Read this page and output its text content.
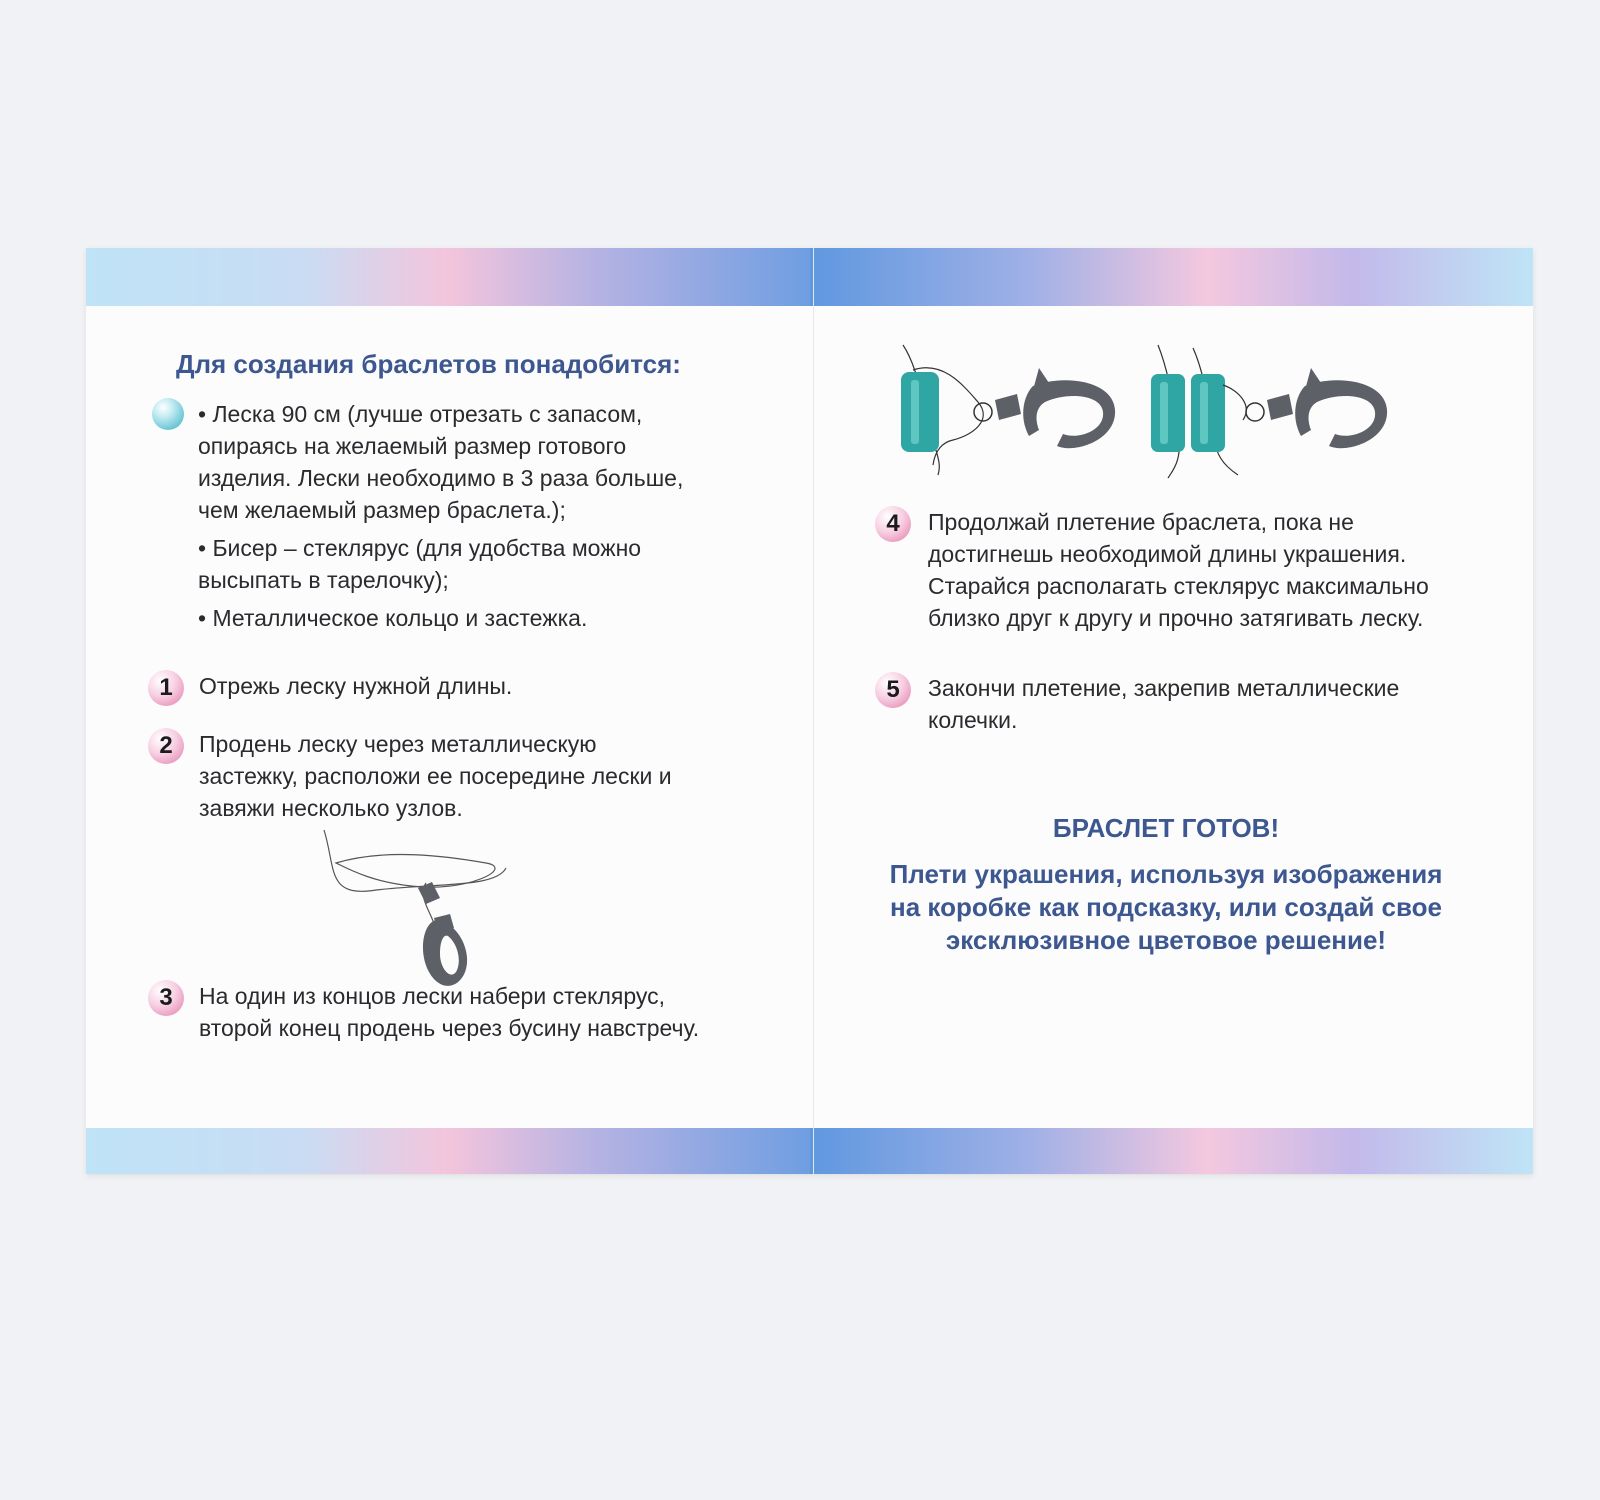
Для создания браслетов понадобится:

• Леска 90 см (лучше отрезать с запасом, опираясь на желаемый размер готового изделия. Лески необходимо в 3 раза больше, чем желаемый размер браслета.);

• Бисер – стеклярус (для удобства можно высыпать в тарелочку);

• Металлическое кольцо и застежка.

1	Отрежь леску нужной длины.

2	Продень леску через металлическую застежку, расположи ее посередине лески и завяжи несколько узлов.

3	На один из концов лески набери стеклярус, второй конец продень через бусину навстречу.

4	Продолжай плетение браслета, пока не достигнешь необходимой длины украшения. Старайся располагать стеклярус максимально близко друг к другу и прочно затягивать леску.

5	Закончи плетение, закрепив металлические колечки.

БРАСЛЕТ ГОТОВ!

Плети украшения, используя изображения на коробке как подсказку, или создай свое эксклюзивное цветовое решение!
